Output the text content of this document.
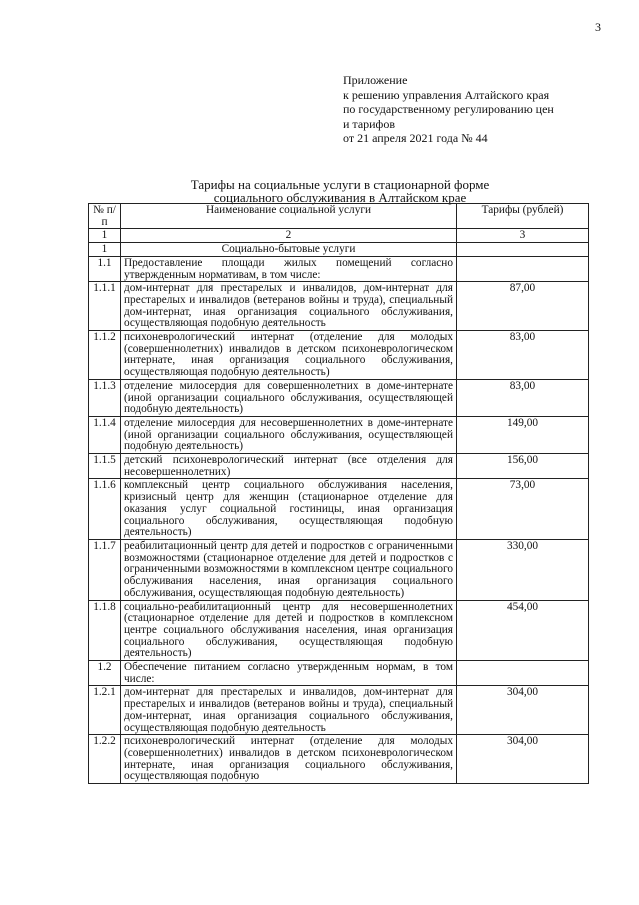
3
Приложение
к решению управления Алтайского края
по государственному регулированию цен
и тарифов
от 21 апреля 2021 года № 44
Тарифы на социальные услуги в стационарной форме
социального обслуживания в Алтайском крае
№ п/п	Наименование социальной услуги	Тарифы (рублей)
1	2	3
1	Социально-бытовые услуги	
1.1	Предоставление площади жилых помещений согласно утвержденным нормативам, в том числе:	
1.1.1	дом-интернат для престарелых и инвалидов, дом-интернат для престарелых и инвалидов (ветеранов войны и труда), специальный дом-интернат, иная организация социального обслуживания, осуществляющая подобную деятельность	87,00
1.1.2	психоневрологический интернат (отделение для молодых (совершеннолетних) инвалидов в детском психоневрологическом интернате, иная организация социального обслуживания, осуществляющая подобную деятельность)	83,00
1.1.3	отделение милосердия для совершеннолетних в доме-интернате (иной организации социального обслуживания, осуществляющей подобную деятельность)	83,00
1.1.4	отделение милосердия для несовершеннолетних в доме-интернате (иной организации социального обслуживания, осуществляющей подобную деятельность)	149,00
1.1.5	детский психоневрологический интернат (все отделения для несовершеннолетних)	156,00
1.1.6	комплексный центр социального обслуживания населения, кризисный центр для женщин (стационарное отделение для оказания услуг социальной гостиницы, иная организация социального обслуживания, осуществляющая подобную деятельность)	73,00
1.1.7	реабилитационный центр для детей и подростков с ограниченными возможностями (стационарное отделение для детей и подростков с ограниченными возможностями в комплексном центре социального обслуживания населения, иная организация социального обслуживания, осуществляющая подобную деятельность)	330,00
1.1.8	социально-реабилитационный центр для несовершеннолетних (стационарное отделение для детей и подростков в комплексном центре социального обслуживания населения, иная организация социального обслуживания, осуществляющая подобную деятельность)	454,00
1.2	Обеспечение питанием согласно утвержденным нормам, в том числе:	
1.2.1	дом-интернат для престарелых и инвалидов, дом-интернат для престарелых и инвалидов (ветеранов войны и труда), специальный дом-интернат, иная организация социального обслуживания, осуществляющая подобную деятельность	304,00
1.2.2	психоневрологический интернат (отделение для молодых (совершеннолетних) инвалидов в детском психоневрологическом интернате, иная организация социального обслуживания, осуществляющая подобную	304,00
